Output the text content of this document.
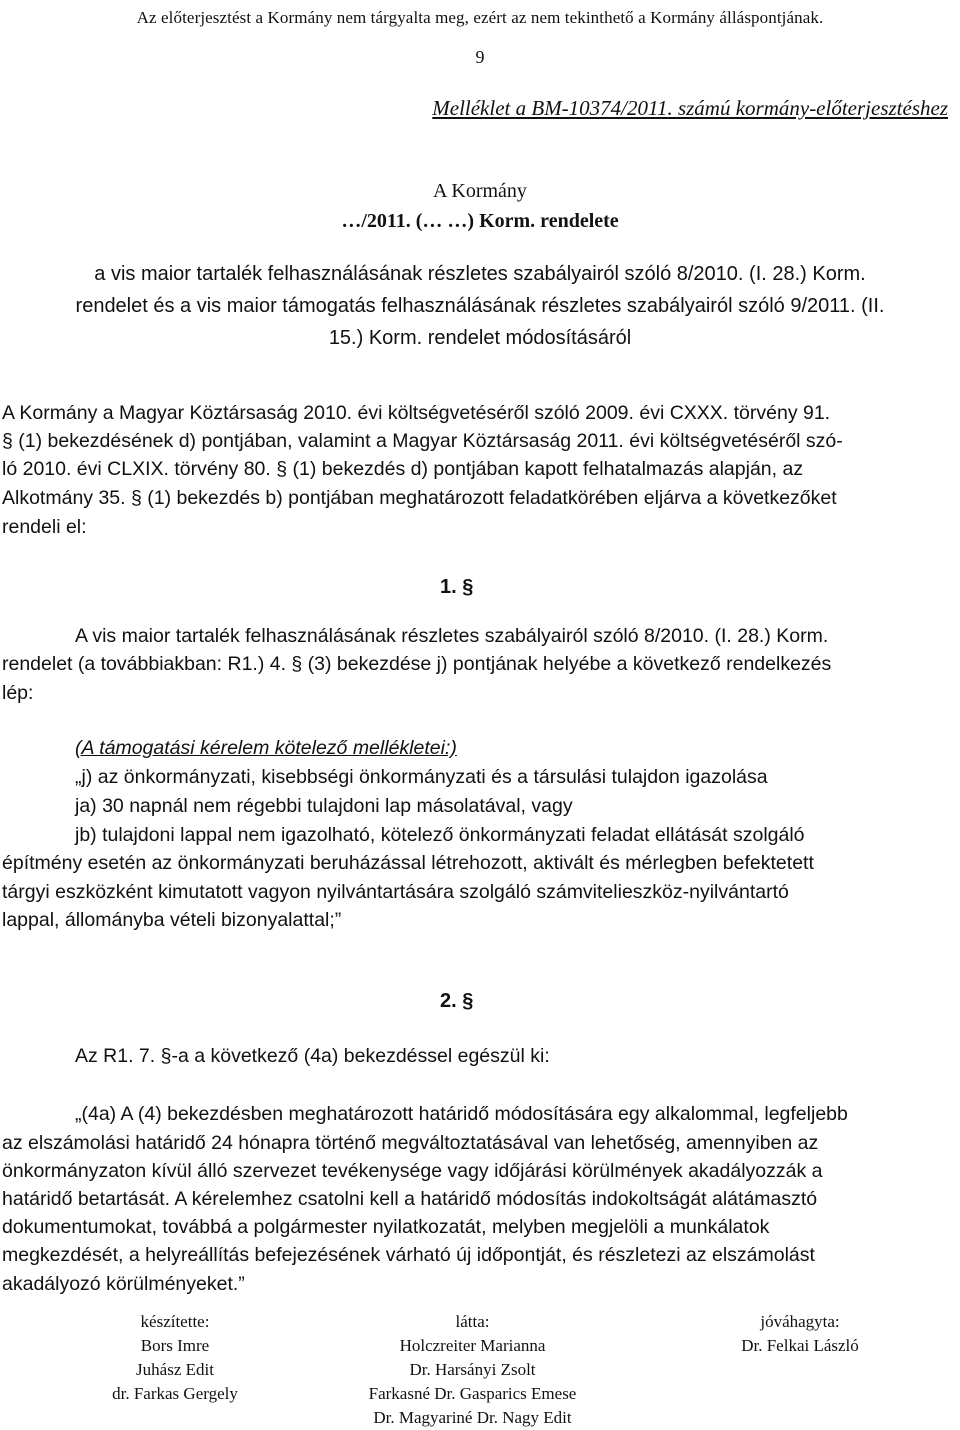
Az előterjesztést a Kormány nem tárgyalta meg, ezért az nem tekinthető a Kormány álláspontjának.
9
Melléklet a BM-10374/2011. számú kormány-előterjesztéshez
A Kormány
…/2011. (… …) Korm. rendelete
a vis maior tartalék felhasználásának részletes szabályairól szóló 8/2010. (I. 28.) Korm.
rendelet és a vis maior támogatás felhasználásának részletes szabályairól szóló 9/2011. (II.
15.) Korm. rendelet módosításáról
A Kormány a Magyar Köztársaság 2010. évi költségvetéséről szóló 2009. évi CXXX. törvény 91.
§ (1) bekezdésének d) pontjában, valamint a Magyar Köztársaság 2011. évi költségvetéséről szó-
ló 2010. évi CLXIX. törvény 80. § (1) bekezdés d) pontjában kapott felhatalmazás alapján, az
Alkotmány 35. § (1) bekezdés b) pontjában meghatározott feladatkörében eljárva a következőket
rendeli el:
1. §
A vis maior tartalék felhasználásának részletes szabályairól szóló 8/2010. (I. 28.) Korm.
rendelet (a továbbiakban: R1.) 4. § (3) bekezdése j) pontjának helyébe a következő rendelkezés
lép:
(A támogatási kérelem kötelező mellékletei:)
„j) az önkormányzati, kisebbségi önkormányzati és a társulási tulajdon igazolása
ja) 30 napnál nem régebbi tulajdoni lap másolatával, vagy
jb) tulajdoni lappal nem igazolható, kötelező önkormányzati feladat ellátását szolgáló
építmény esetén az önkormányzati beruházással létrehozott, aktivált és mérlegben befektetett
tárgyi eszközként kimutatott vagyon nyilvántartására szolgáló számvitelieszköz-nyilvántartó
lappal, állományba vételi bizonyalattal;”
2. §
Az R1. 7. §-a a következő (4a) bekezdéssel egészül ki:
„(4a) A (4) bekezdésben meghatározott határidő módosítására egy alkalommal, legfeljebb
az elszámolási határidő 24 hónapra történő megváltoztatásával van lehetőség, amennyiben az
önkormányzaton kívül álló szervezet tevékenysége vagy időjárási körülmények akadályozzák a
határidő betartását. A kérelemhez csatolni kell a határidő módosítás indokoltságát alátámasztó
dokumentumokat, továbbá a polgármester nyilatkozatát, melyben megjelöli a munkálatok
megkezdését, a helyreállítás befejezésének várható új időpontját, és részletezi az elszámolást
akadályozó körülményeket.”
készítette:
Bors Imre
Juhász Edit
dr. Farkas Gergely
látta:
Holczreiter Marianna
Dr. Harsányi Zsolt
Farkasné Dr. Gasparics Emese
Dr. Magyariné Dr. Nagy Edit
jóváhagyta:
Dr. Felkai László
